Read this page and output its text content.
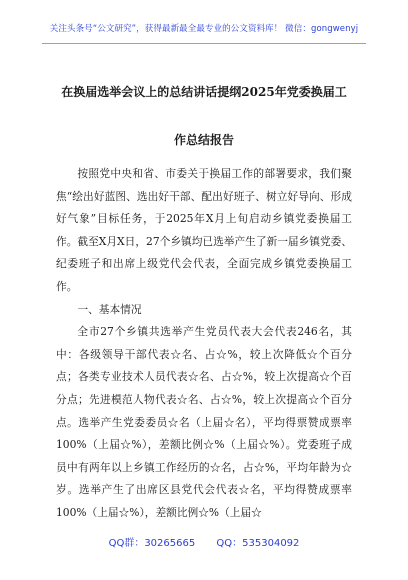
关注头条号“公文研究”，获得最新最全最专业的公文资料库！ 微信：gongwenyj
在换届选举会议上的总结讲话提纲2025年党委换届工作总结报告

按照党中央和省、市委关于换届工作的部署要求，我们聚焦“绘出好蓝图、选出好干部、配出好班子、树立好导向、形成好气象”目标任务，于2025年X月上旬启动乡镇党委换届工作。截至X月X日，27个乡镇均已选举产生了新一届乡镇党委、纪委班子和出席上级党代会代表，全面完成乡镇党委换届工作。

一、基本情况

全市27个乡镇共选举产生党员代表大会代表246名，其中：各级领导干部代表☆名、占☆%，较上次降低☆个百分点；各类专业技术人员代表☆名、占☆%，较上次提高☆个百分点；先进模范人物代表☆名、占☆%，较上次提高☆个百分点。选举产生党委委员☆名（上届☆名），平均得票赞成票率100%（上届☆%），差额比例☆%（上届☆%）。党委班子成员中有两年以上乡镇工作经历的☆名，占☆%，平均年龄为☆岁。选举产生了出席区县党代会代表☆名，平均得赞成票率100%（上届☆%），差额比例☆%（上届☆

QQ群：30265665 QQ：535304092
